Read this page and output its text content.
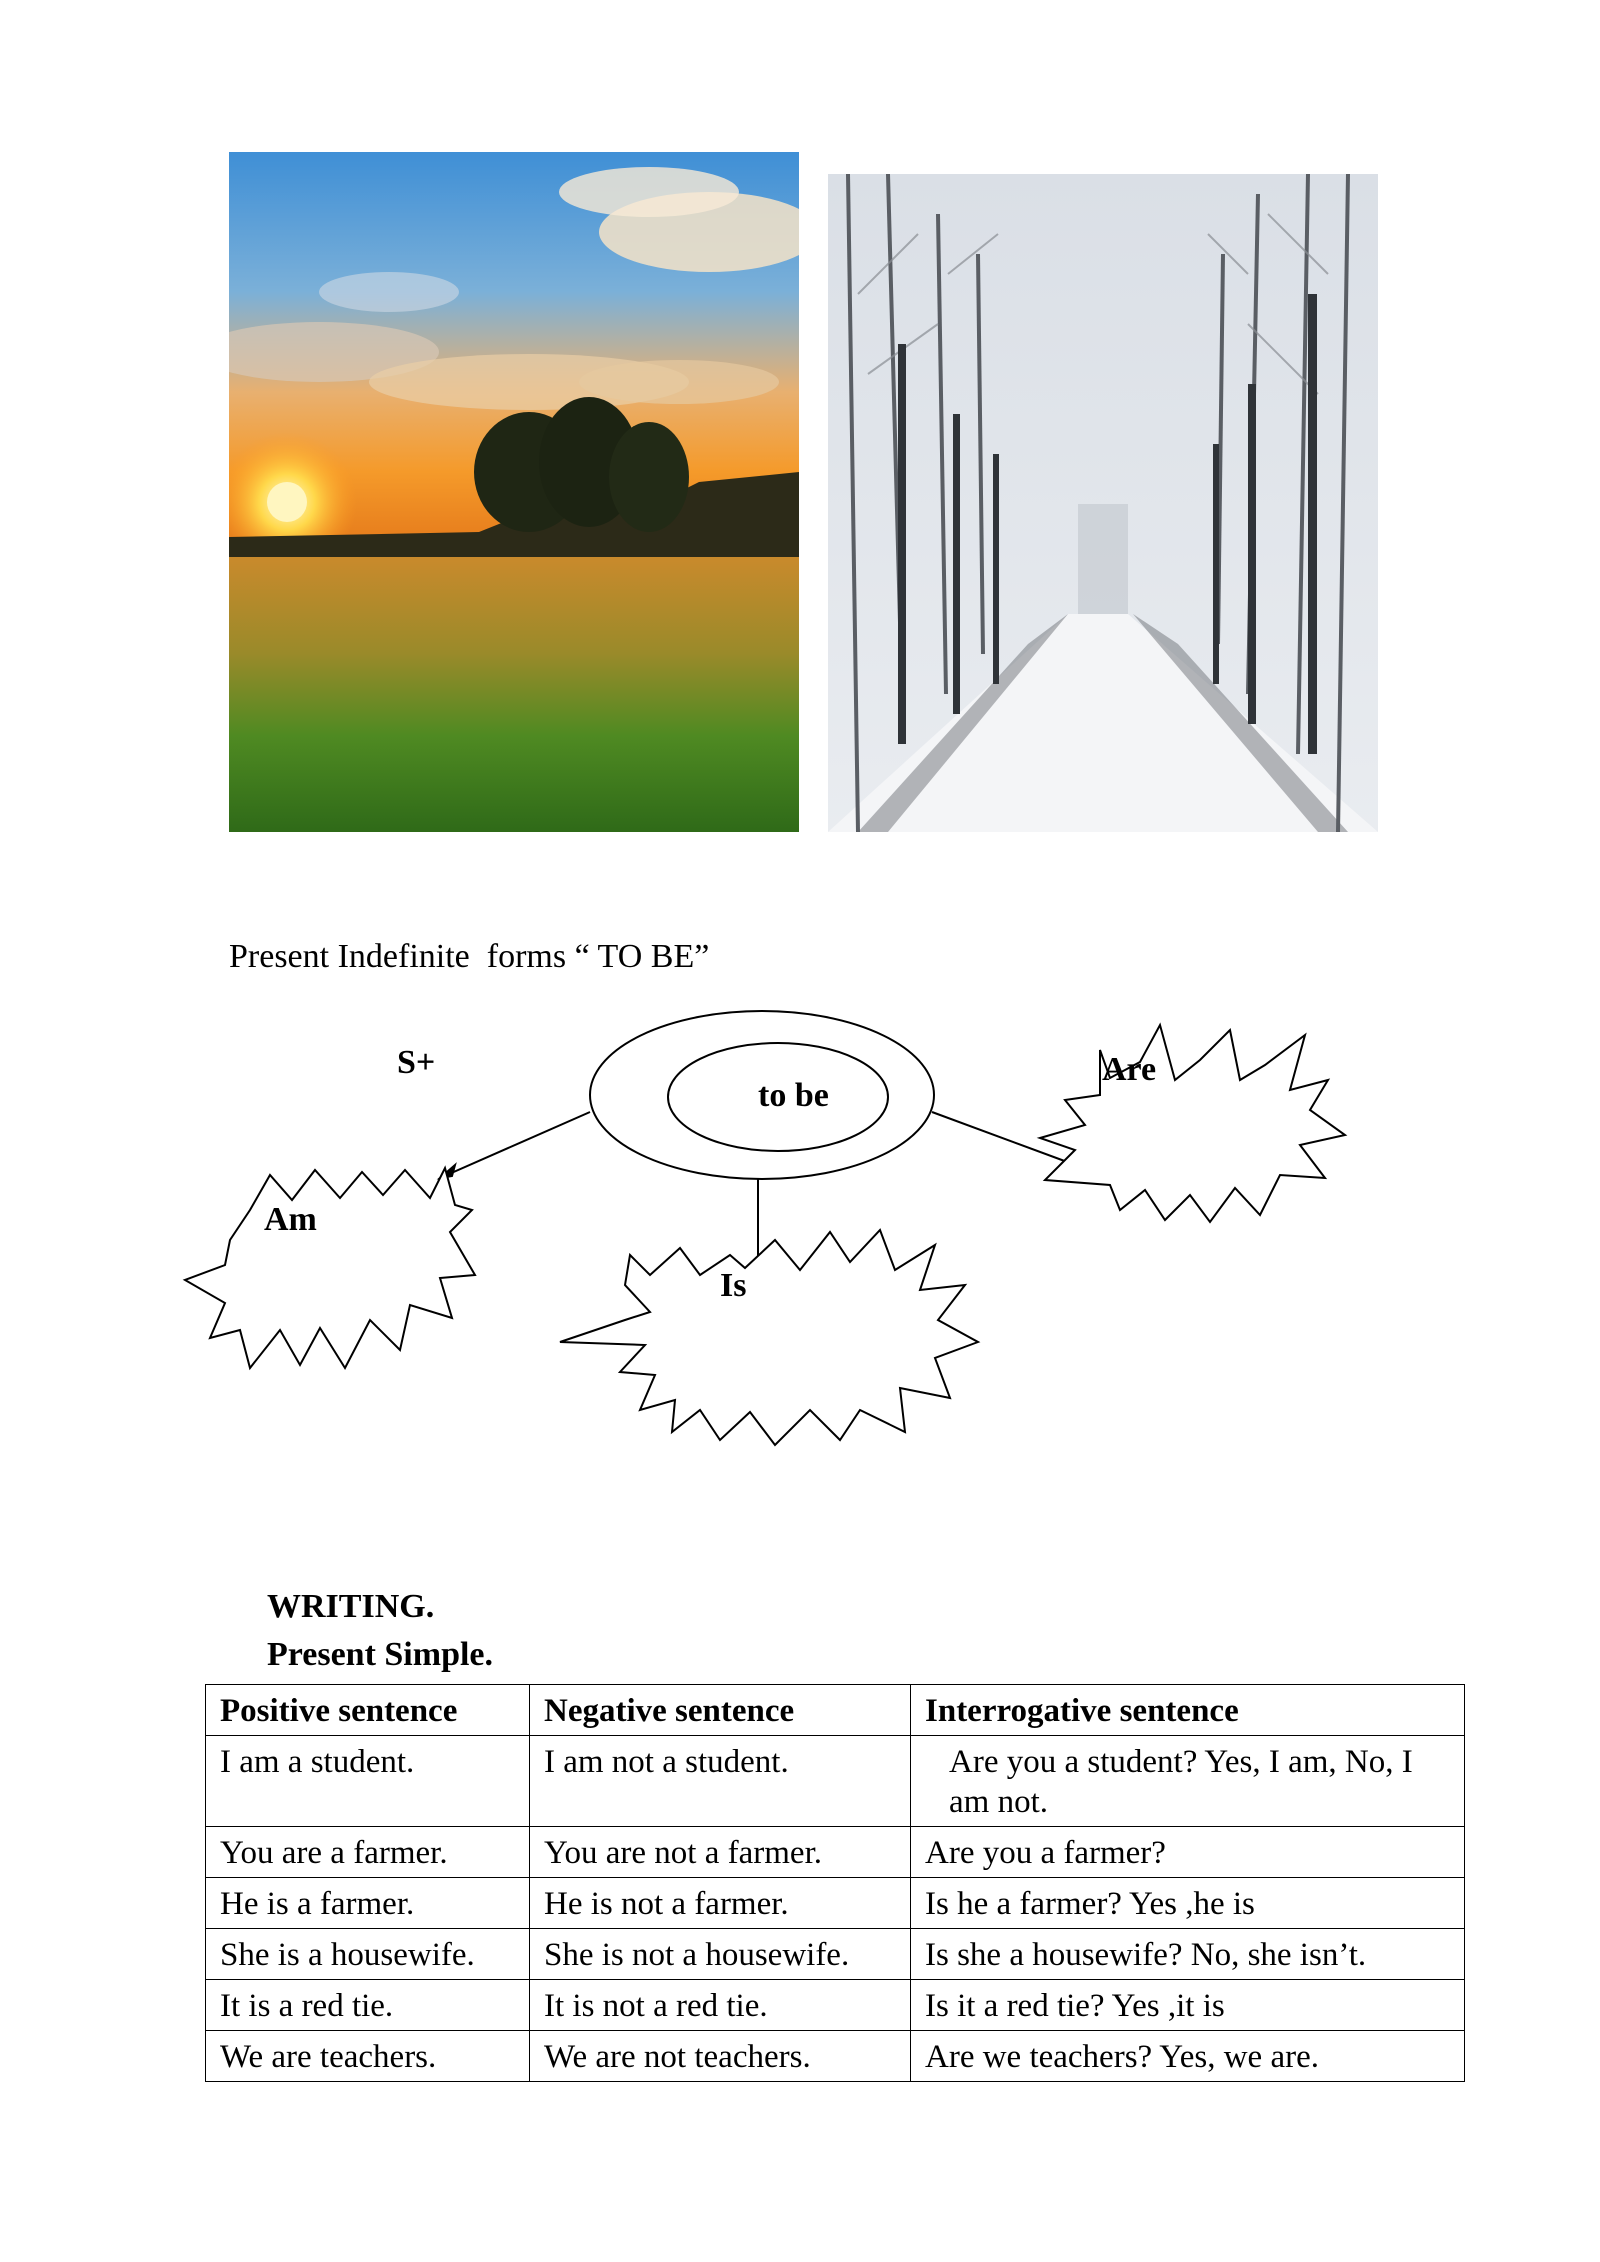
Present Indefinite  forms “ TO BE”
S+
to be
Am
Is
Are
WRITING.
Present Simple.
Positive sentence	Negative sentence	Interrogative sentence
I am a student.	I am not a student.	Are you a student? Yes, I am, No, I am not.
You are a farmer.	You are not a farmer.	Are you a farmer?
He is a farmer.	He is not a farmer.	Is he a farmer? Yes ,he is
She is a housewife.	She is not a housewife.	Is she a housewife? No, she isn’t.
It is a red tie.	It is not a red tie.	Is it a red tie? Yes ,it is
We are teachers.	We are not teachers.	Are we teachers? Yes, we are.
